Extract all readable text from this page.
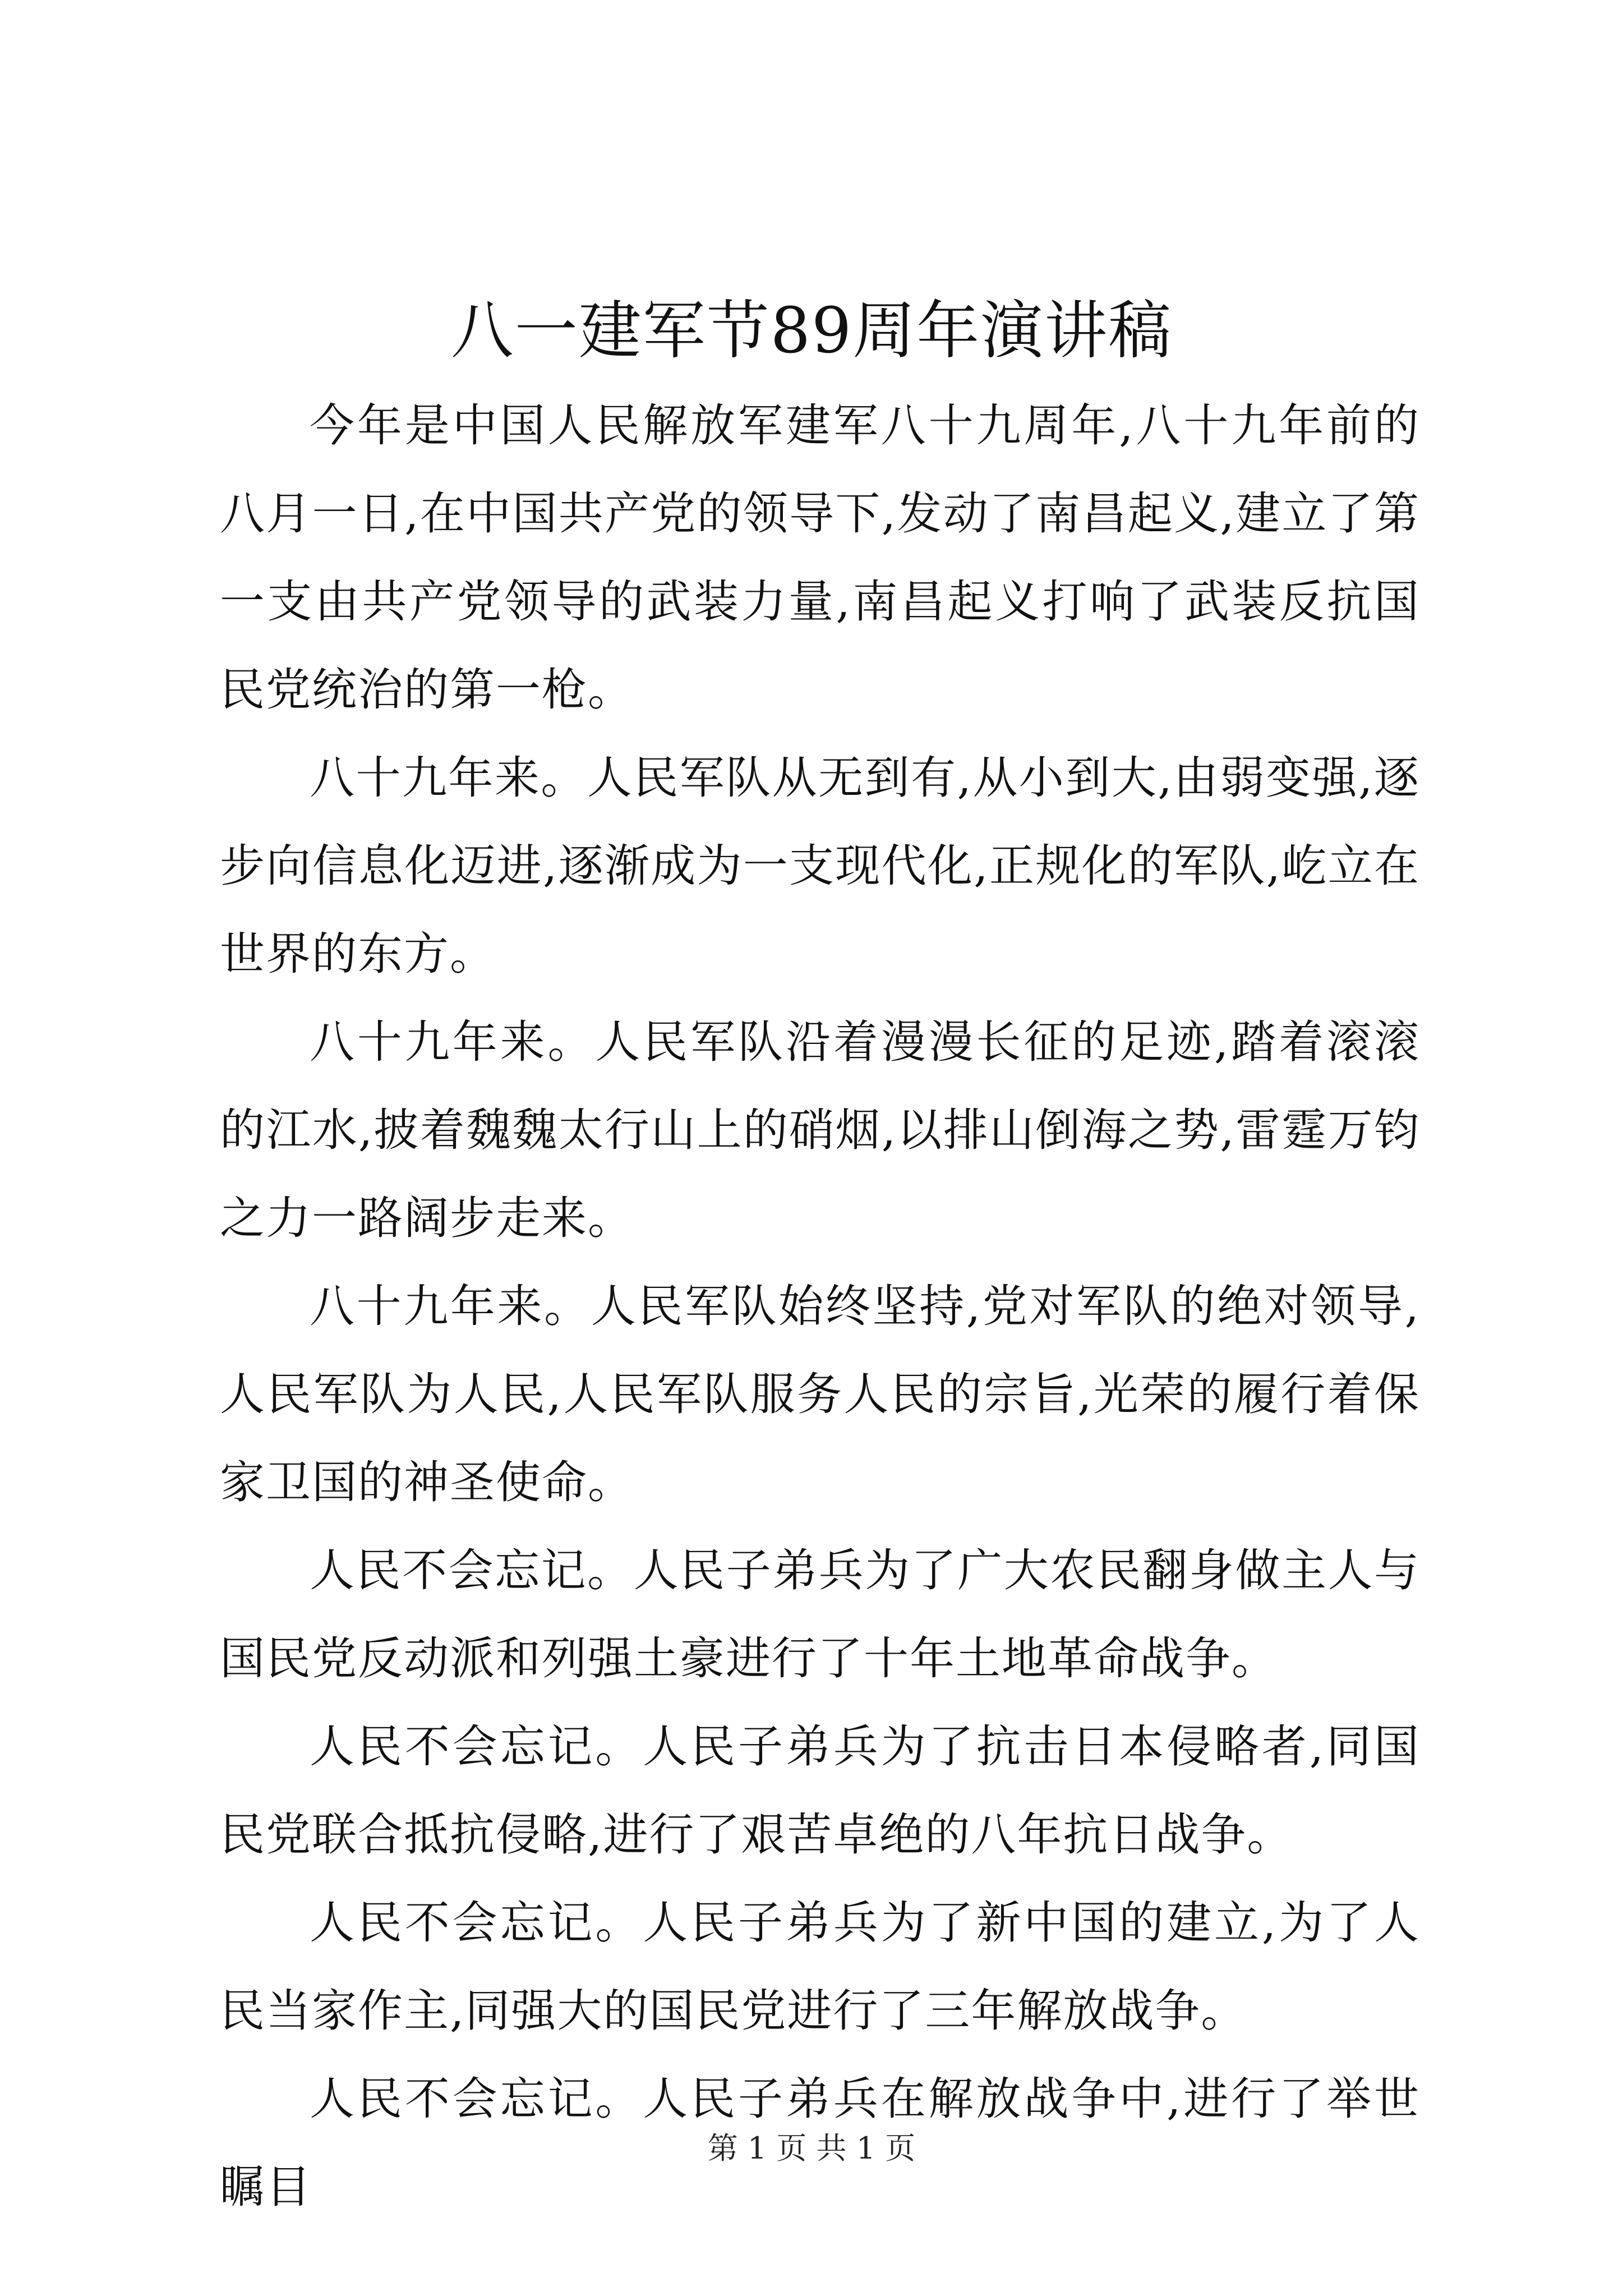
八一建军节89周年演讲稿

今年是中国人民解放军建军八十九周年,八十九年前的八月一日,在中国共产党的领导下,发动了南昌起义,建立了第一支由共产党领导的武装力量,南昌起义打响了武装反抗国民党统治的第一枪。

八十九年来。人民军队从无到有,从小到大,由弱变强,逐步向信息化迈进,逐渐成为一支现代化,正规化的军队,屹立在世界的东方。

八十九年来。人民军队沿着漫漫长征的足迹,踏着滚滚的江水,披着魏魏太行山上的硝烟,以排山倒海之势,雷霆万钧之力一路阔步走来。

八十九年来。人民军队始终坚持,党对军队的绝对领导,人民军队为人民,人民军队服务人民的宗旨,光荣的履行着保家卫国的神圣使命。

人民不会忘记。人民子弟兵为了广大农民翻身做主人与国民党反动派和列强土豪进行了十年土地革命战争。

人民不会忘记。人民子弟兵为了抗击日本侵略者,同国民党联合抵抗侵略,进行了艰苦卓绝的八年抗日战争。

人民不会忘记。人民子弟兵为了新中国的建立,为了人民当家作主,同强大的国民党进行了三年解放战争。

人民不会忘记。人民子弟兵在解放战争中,进行了举世瞩目

第 1 页 共 1 页
